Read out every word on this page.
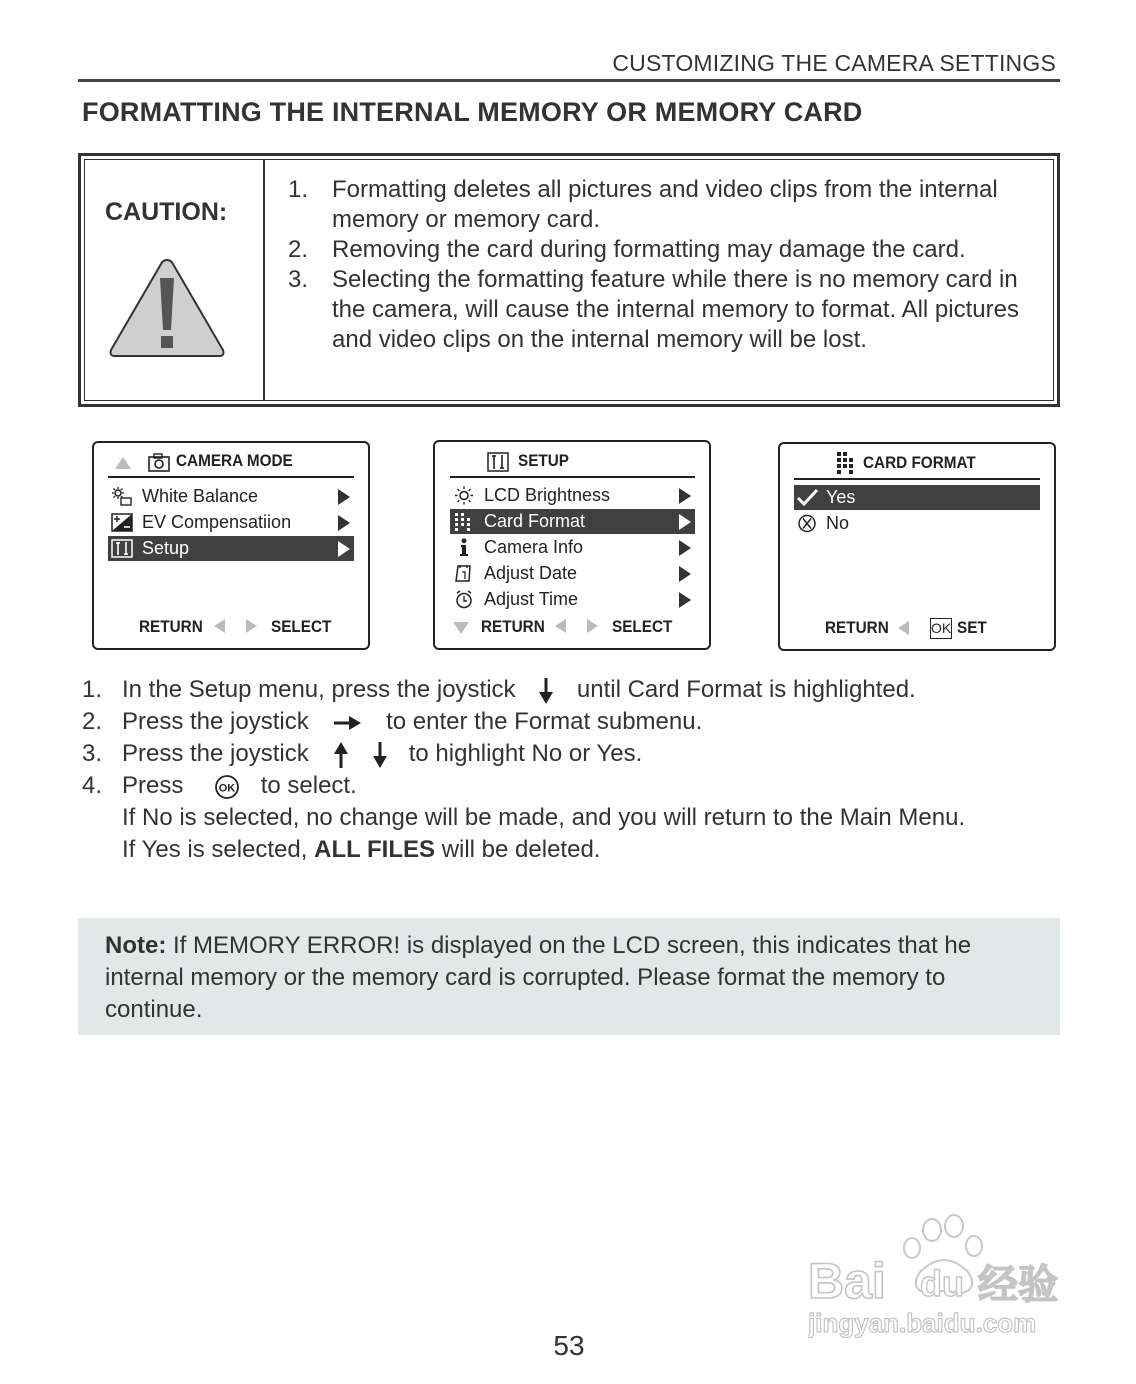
CUSTOMIZING THE CAMERA SETTINGS
FORMATTING THE INTERNAL MEMORY OR MEMORY CARD
CAUTION:
1. Formatting deletes all pictures and video clips from the internal memory or memory card.
2. Removing the card during formatting may damage the card.
3. Selecting the formatting feature while there is no memory card in the camera, will cause the internal memory to format. All pictures and video clips on the internal memory will be lost.
CAMERA MODE
White Balance
EV Compensatiion
Setup
RETURN	SELECT
SETUP
LCD Brightness
Card Format
Camera Info
Adjust Date
Adjust Time
RETURN	SELECT
CARD FORMAT
Yes
No
RETURN	OK SET
1. In the Setup menu, press the joystick	until Card Format is highlighted.
2. Press the joystick	to enter the Format submenu.
3. Press the joystick	to highlight No or Yes.
4. Press	OK to select.
If No is selected, no change will be made, and you will return to the Main Menu.
If Yes is selected, ALL FILES will be deleted.
Note: If MEMORY ERROR! is displayed on the LCD screen, this indicates that he internal memory or the memory card is corrupted. Please format the memory to continue.
Bai du 经验
jingyan.baidu.com
53
